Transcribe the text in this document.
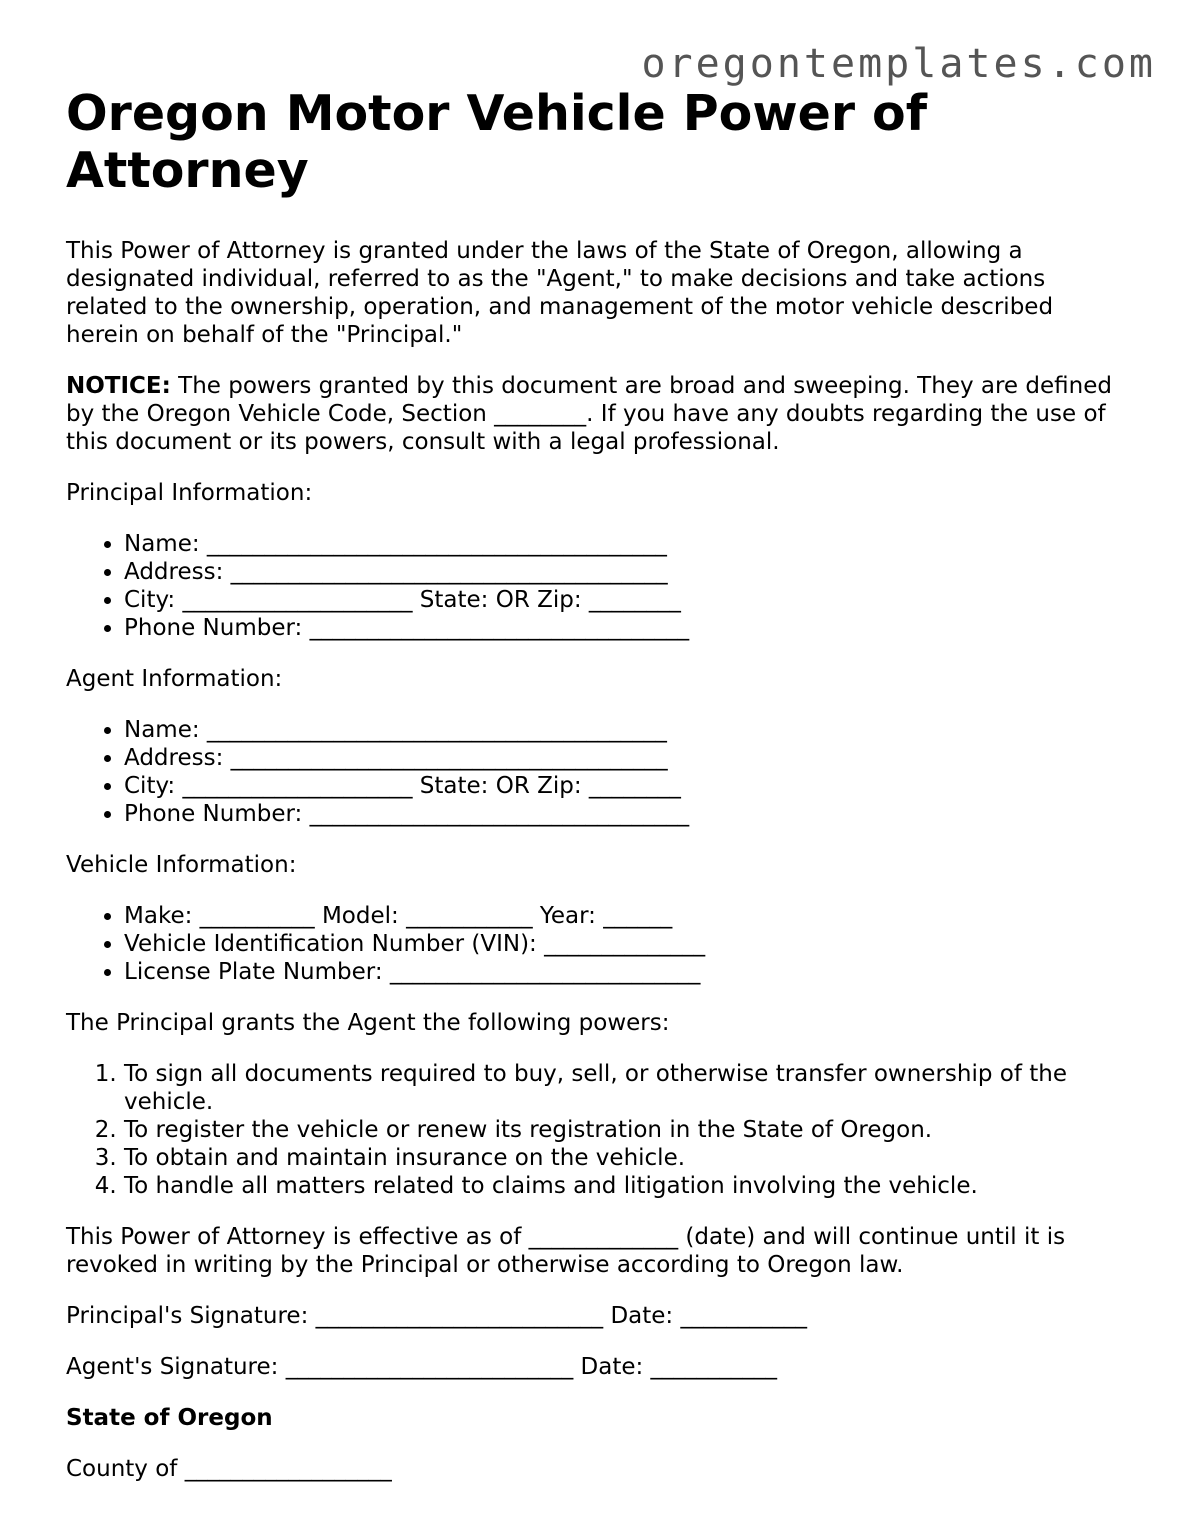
oregontemplates.com
Oregon Motor Vehicle Power of Attorney

This Power of Attorney is granted under the laws of the State of Oregon, allowing a designated individual, referred to as the "Agent," to make decisions and take actions related to the ownership, operation, and management of the motor vehicle described herein on behalf of the "Principal."

NOTICE: The powers granted by this document are broad and sweeping. They are defined by the Oregon Vehicle Code, Section ________. If you have any doubts regarding the use of this document or its powers, consult with a legal professional.

Principal Information:

• Name: ________________________________________
• Address: ______________________________________
• City: ____________________ State: OR Zip: ________
• Phone Number: _________________________________

Agent Information:

• Name: ________________________________________
• Address: ______________________________________
• City: ____________________ State: OR Zip: ________
• Phone Number: _________________________________

Vehicle Information:

• Make: __________ Model: ___________ Year: ______
• Vehicle Identification Number (VIN): ______________
• License Plate Number: ___________________________

The Principal grants the Agent the following powers:

1. To sign all documents required to buy, sell, or otherwise transfer ownership of the vehicle.
2. To register the vehicle or renew its registration in the State of Oregon.
3. To obtain and maintain insurance on the vehicle.
4. To handle all matters related to claims and litigation involving the vehicle.

This Power of Attorney is effective as of _____________ (date) and will continue until it is revoked in writing by the Principal or otherwise according to Oregon law.

Principal's Signature: _________________________ Date: ___________

Agent's Signature: _________________________ Date: ___________

State of Oregon

County of __________________
